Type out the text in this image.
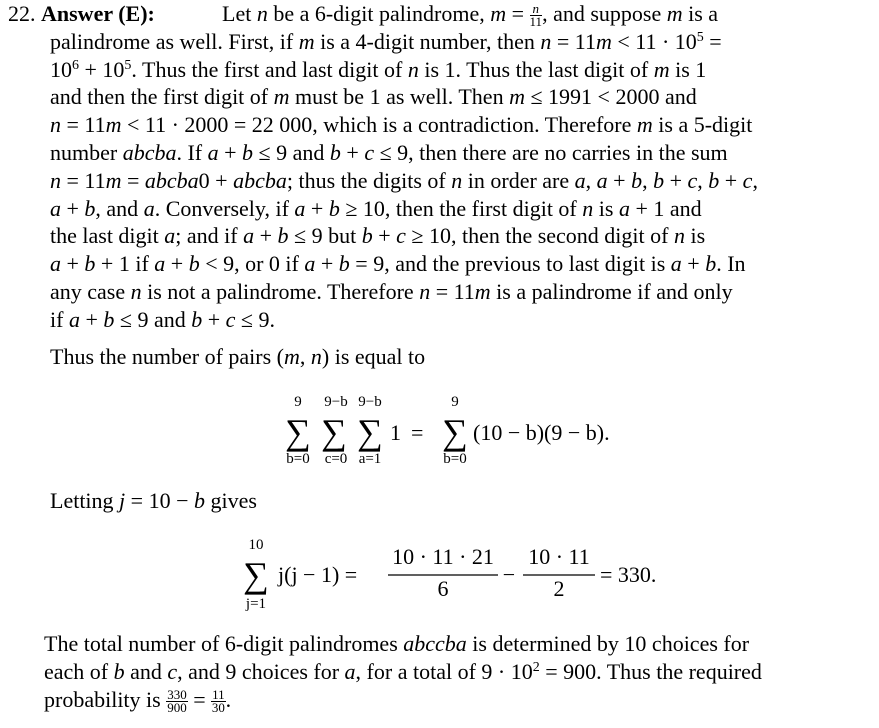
22. Answer (E):	Let n be a 6-digit palindrome, $m = \frac{n}{11}$ , and suppose m is a
palindrome as well. First, if m is a 4-digit number, then $n = 11m < 11 \cdot 10^5$ =
$10^6 + 10^5$. Thus the first and last digit of n is 1. Thus the last digit of m is 1
and then the first digit of m must be 1 as well. Then m ≤ 1991 < 2000 and
n = 11m < 11 · 2000 = 22 000, which is a contradiction. Therefore m is a 5-digit
number abcba. If a + b ≤ 9 and b + c ≤ 9, then there are no carries in the sum
n = 11m = abcba0 + abcba; thus the digits of n in order are a, a + b, b + c, b + c,
a + b, and a. Conversely, if a + b ≥ 10, then the first digit of n is a + 1 and
the last digit a; and if a + b ≤ 9 but b + c ≥ 10, then the second digit of n is
a + b + 1 if a + b < 9, or 0 if a + b = 9, and the previous to last digit is a + b. In
any case n is not a palindrome. Therefore n = 11m is a palindrome if and only
if a + b ≤ 9 and b + c ≤ 9.
Thus the number of pairs (m, n) is equal to
9
b=0
9−b
c=0
9−b
a=1
9
b=0
∑ ∑ ∑ ∑
1 = (10 − b)(9 − b).
Letting j = 10 − b gives
10
j=1
∑ j(j − 1) =
10 · 11 · 21
6
−
10 · 11
2
= 330.
The total number of 6-digit palindromes abccba is determined by 10 choices for
each of b and c, and 9 choices for a, for a total of $9 \cdot 10^2 = 900$. Thus the required
probability is $\frac{330}{900} = \frac{11}{30}$ .
